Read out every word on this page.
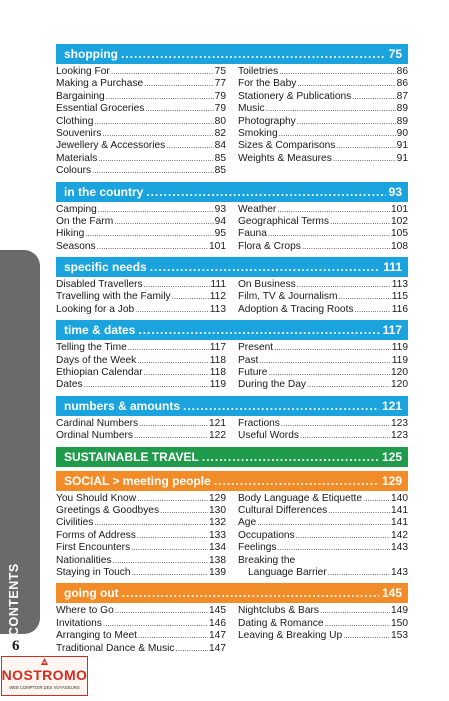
CONTENTS
6
NOSTROMO
WEB COMPTOIR DES VOYAGEURS
shopping .....	75
Looking For .....	75
Making a Purchase .....	77
Bargaining .....	79
Essential Groceries .....	79
Clothing .....	80
Souvenirs .....	82
Jewellery & Accessories .....	84
Materials .....	85
Colours .....	85
Toiletries .....	86
For the Baby .....	86
Stationery & Publications .....	87
Music .....	89
Photography .....	89
Smoking .....	90
Sizes & Comparisons .....	91
Weights & Measures .....	91
in the country .....	93
Camping .....	93
On the Farm .....	94
Hiking .....	95
Seasons .....	101
Weather .....	101
Geographical Terms .....	102
Fauna .....	105
Flora & Crops .....	108
specific needs .....	111
Disabled Travellers .....	111
Travelling with the Family .....	112
Looking for a Job .....	113
On Business .....	113
Film, TV & Journalism .....	115
Adoption & Tracing Roots .....	116
time & dates .....	117
Telling the Time .....	117
Days of the Week .....	118
Ethiopian Calendar .....	118
Dates .....	119
Present .....	119
Past .....	119
Future .....	120
During the Day .....	120
numbers & amounts .....	121
Cardinal Numbers .....	121
Ordinal Numbers .....	122
Fractions .....	123
Useful Words .....	123
SUSTAINABLE TRAVEL .....	125
SOCIAL > meeting people .....	129
You Should Know .....	129
Greetings & Goodbyes .....	130
Civilities .....	132
Forms of Address .....	133
First Encounters .....	134
Nationalities .....	138
Staying in Touch .....	139
Body Language & Etiquette .....	140
Cultural Differences .....	141
Age .....	141
Occupations .....	142
Feelings .....	143
Breaking the
Language Barrier .....	143
going out .....	145
Where to Go .....	145
Invitations .....	146
Arranging to Meet .....	147
Traditional Dance & Music .....	147
Nightclubs & Bars .....	149
Dating & Romance .....	150
Leaving & Breaking Up .....	153
